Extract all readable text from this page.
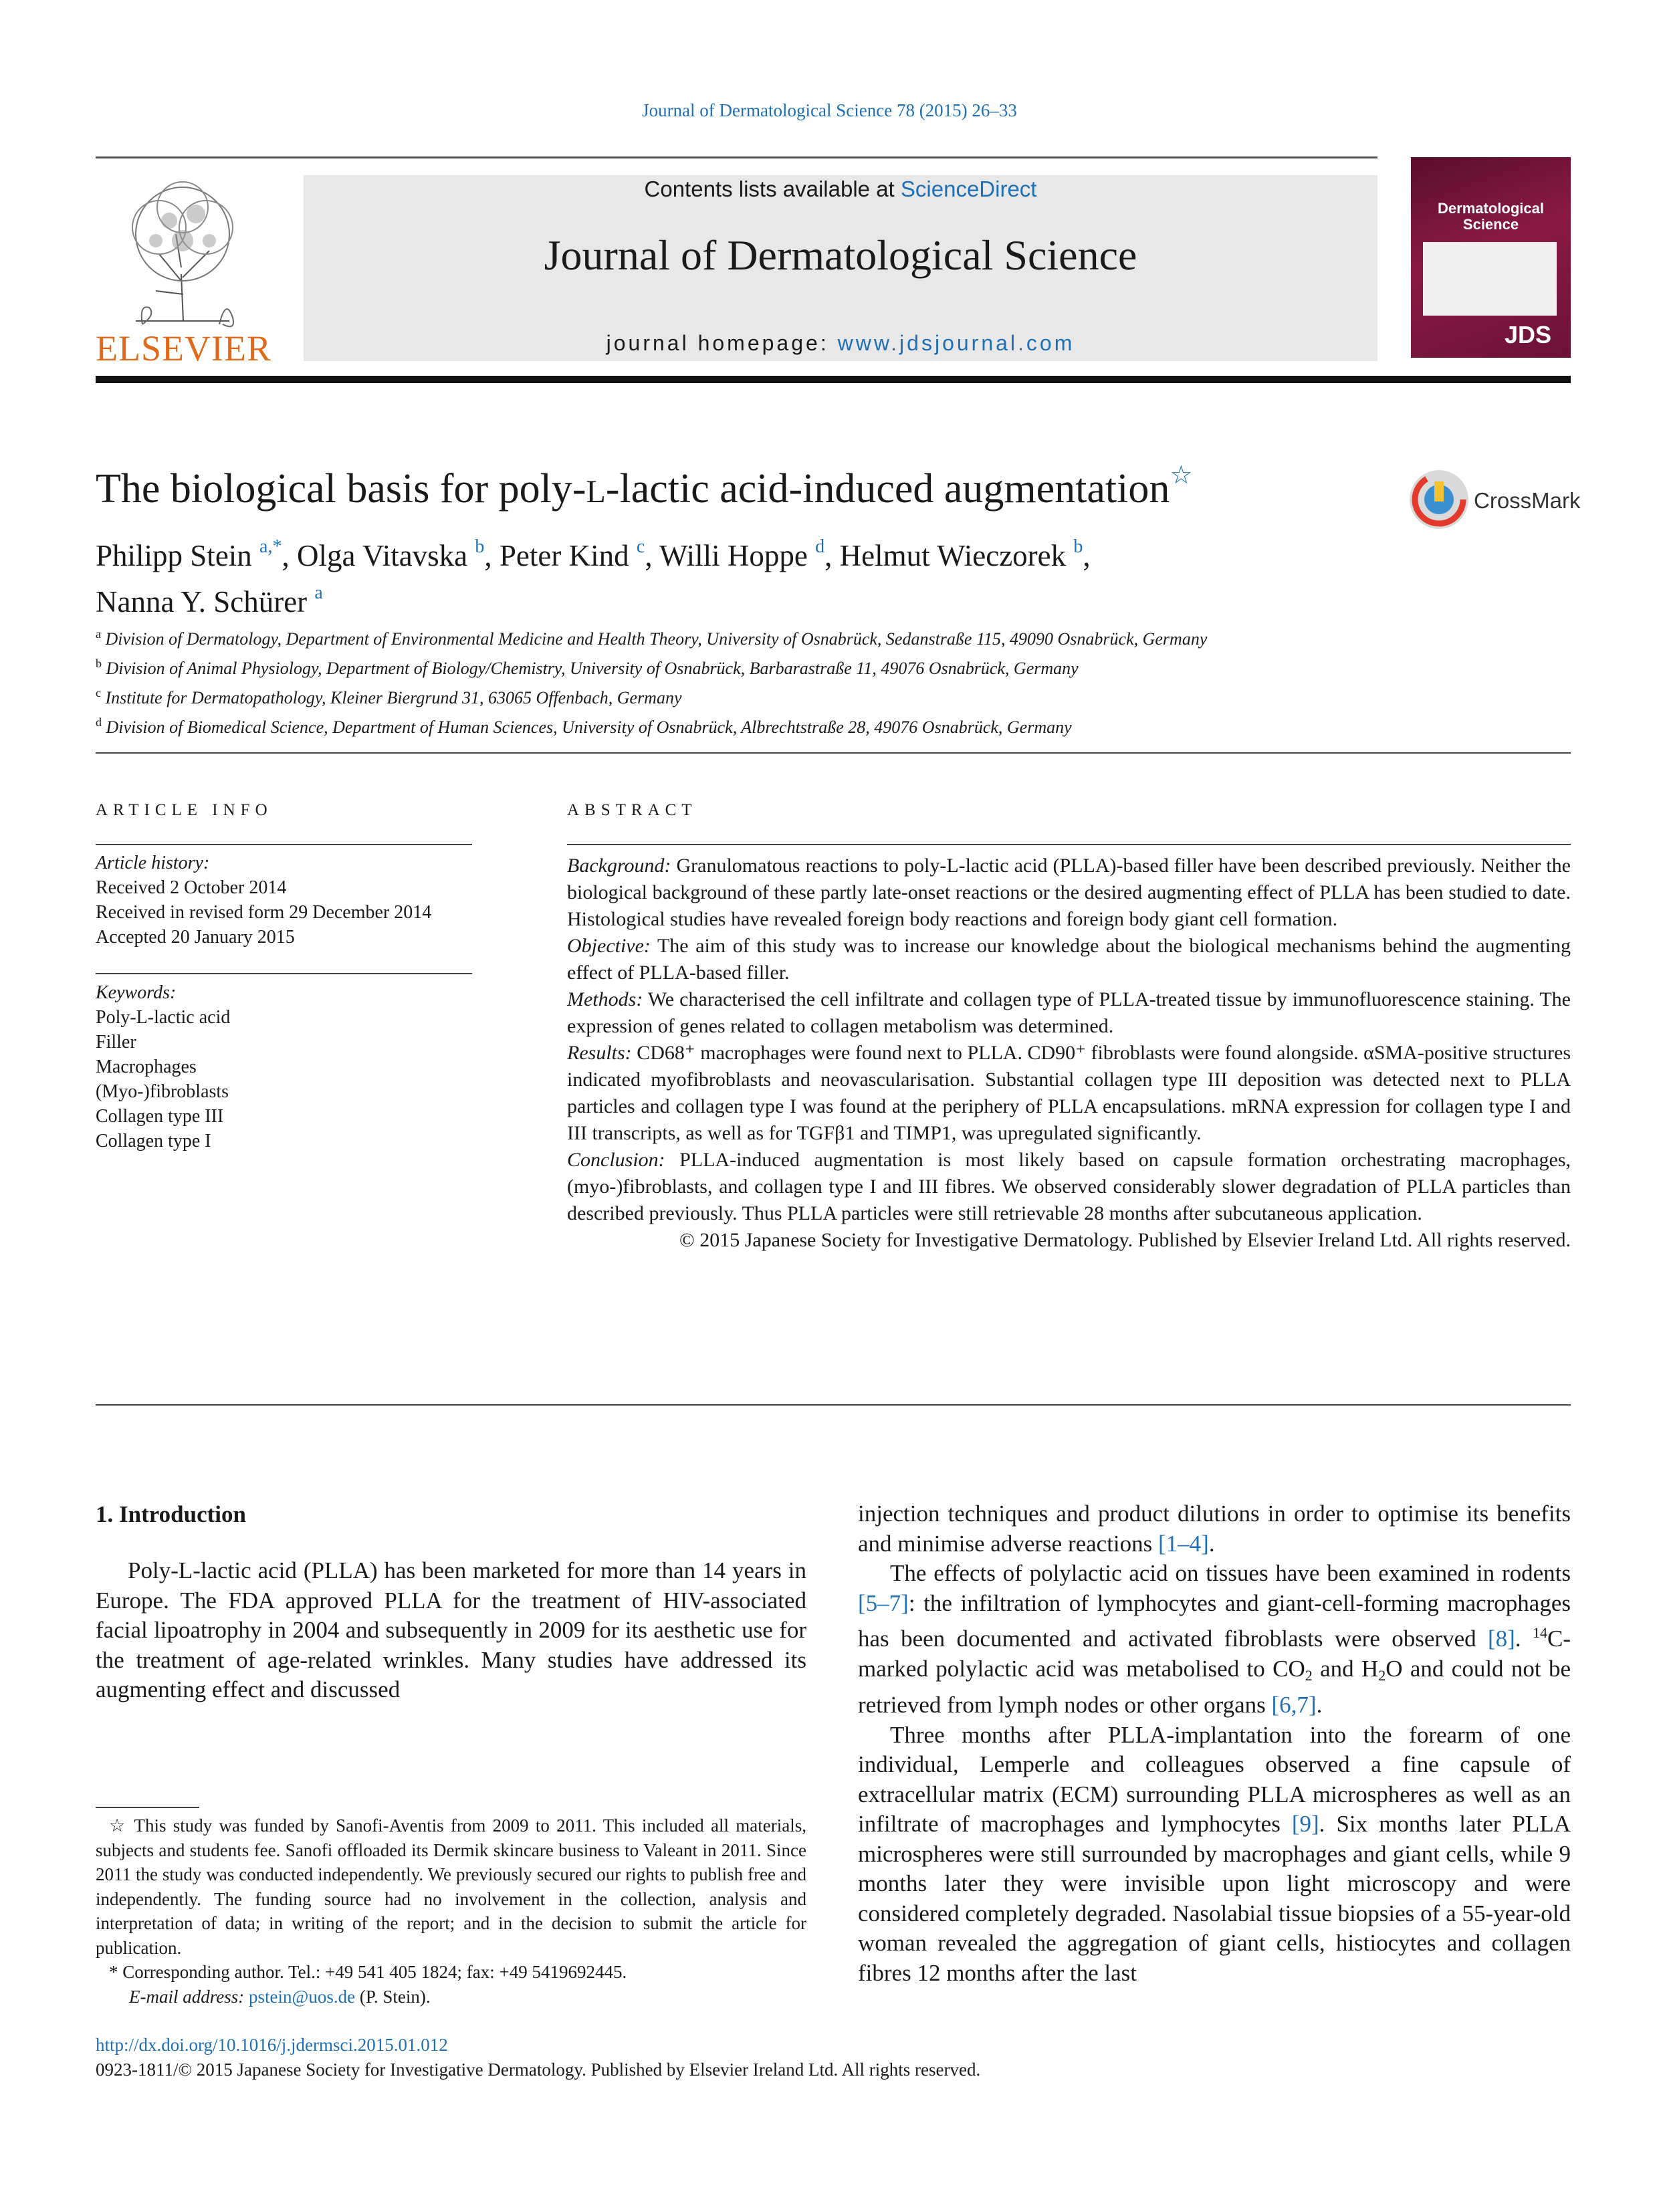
Journal of Dermatological Science 78 (2015) 26–33
ELSEVIER
Contents lists available at ScienceDirect
Journal of Dermatological Science
journal homepage: www.jdsjournal.com
Dermatological Science
JDS
The biological basis for poly-L-lactic acid-induced augmentation☆
CrossMark
Philipp Stein $^{a,*}$, Olga Vitavska $^b$, Peter Kind $^c$, Willi Hoppe $^d$, Helmut Wieczorek $^b$,
Nanna Y. Schürer $^a$
$^a$ Division of Dermatology, Department of Environmental Medicine and Health Theory, University of Osnabrück, Sedanstraße 115, 49090 Osnabrück, Germany
$^b$ Division of Animal Physiology, Department of Biology/Chemistry, University of Osnabrück, Barbarastraße 11, 49076 Osnabrück, Germany
$^c$ Institute for Dermatopathology, Kleiner Biergrund 31, 63065 Offenbach, Germany
$^d$ Division of Biomedical Science, Department of Human Sciences, University of Osnabrück, Albrechtstraße 28, 49076 Osnabrück, Germany
ARTICLE INFO
Article history:
Received 2 October 2014
Received in revised form 29 December 2014
Accepted 20 January 2015
Keywords:
Poly-L-lactic acid
Filler
Macrophages
(Myo-)fibroblasts
Collagen type III
Collagen type I
ABSTRACT

Background: Granulomatous reactions to poly-L-lactic acid (PLLA)-based filler have been described previously. Neither the biological background of these partly late-onset reactions or the desired augmenting effect of PLLA has been studied to date. Histological studies have revealed foreign body reactions and foreign body giant cell formation.

Objective: The aim of this study was to increase our knowledge about the biological mechanisms behind the augmenting effect of PLLA-based filler.

Methods: We characterised the cell infiltrate and collagen type of PLLA-treated tissue by immunofluorescence staining. The expression of genes related to collagen metabolism was determined.

Results: CD68⁺ macrophages were found next to PLLA. CD90⁺ fibroblasts were found alongside. αSMA-positive structures indicated myofibroblasts and neovascularisation. Substantial collagen type III deposition was detected next to PLLA particles and collagen type I was found at the periphery of PLLA encapsulations. mRNA expression for collagen type I and III transcripts, as well as for TGFβ1 and TIMP1, was upregulated significantly.

Conclusion: PLLA-induced augmentation is most likely based on capsule formation orchestrating macrophages, (myo-)fibroblasts, and collagen type I and III fibres. We observed considerably slower degradation of PLLA particles than described previously. Thus PLLA particles were still retrievable 28 months after subcutaneous application.

© 2015 Japanese Society for Investigative Dermatology. Published by Elsevier Ireland Ltd. All rights reserved.

1. Introduction

Poly-L-lactic acid (PLLA) has been marketed for more than 14 years in Europe. The FDA approved PLLA for the treatment of HIV-associated facial lipoatrophy in 2004 and subsequently in 2009 for its aesthetic use for the treatment of age-related wrinkles. Many studies have addressed its augmenting effect and discussed

injection techniques and product dilutions in order to optimise its benefits and minimise adverse reactions [1–4].

The effects of polylactic acid on tissues have been examined in rodents [5–7]: the infiltration of lymphocytes and giant-cell-forming macrophages has been documented and activated fibroblasts were observed [8]. $^{14}$C-marked polylactic acid was metabolised to $CO_2$ and $H_2O$ and could not be retrieved from lymph nodes or other organs [6,7].

Three months after PLLA-implantation into the forearm of one individual, Lemperle and colleagues observed a fine capsule of extracellular matrix (ECM) surrounding PLLA microspheres as well as an infiltrate of macrophages and lymphocytes [9]. Six months later PLLA microspheres were still surrounded by macrophages and giant cells, while 9 months later they were invisible upon light microscopy and were considered completely degraded. Nasolabial tissue biopsies of a 55-year-old woman revealed the aggregation of giant cells, histiocytes and collagen fibres 12 months after the last

☆ This study was funded by Sanofi-Aventis from 2009 to 2011. This included all materials, subjects and students fee. Sanofi offloaded its Dermik skincare business to Valeant in 2011. Since 2011 the study was conducted independently. We previously secured our rights to publish free and independently. The funding source had no involvement in the collection, analysis and interpretation of data; in writing of the report; and in the decision to submit the article for publication.

* Corresponding author. Tel.: +49 541 405 1824; fax: +49 5419692445.

E-mail address: pstein@uos.de (P. Stein).
http://dx.doi.org/10.1016/j.jdermsci.2015.01.012
0923-1811/© 2015 Japanese Society for Investigative Dermatology. Published by Elsevier Ireland Ltd. All rights reserved.
